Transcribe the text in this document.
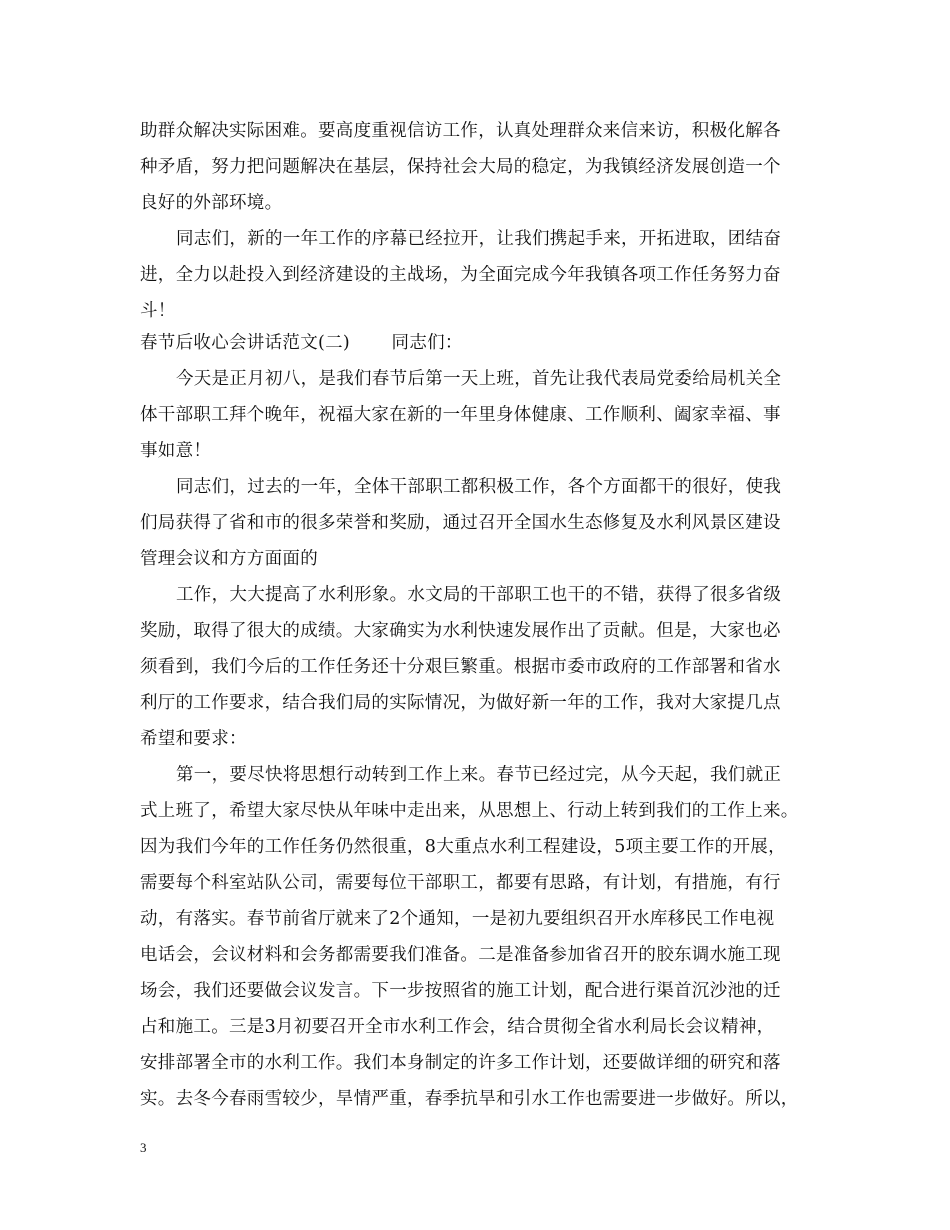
助群众解决实际困难。要高度重视信访工作，认真处理群众来信来访，积极化解各
种矛盾，努力把问题解决在基层，保持社会大局的稳定，为我镇经济发展创造一个
良好的外部环境。
同志们，新的一年工作的序幕已经拉开，让我们携起手来，开拓进取，团结奋
进，全力以赴投入到经济建设的主战场，为全面完成今年我镇各项工作任务努力奋
斗！
春节后收心会讲话范文(二)　　 同志们：
今天是正月初八，是我们春节后第一天上班，首先让我代表局党委给局机关全
体干部职工拜个晚年，祝福大家在新的一年里身体健康、工作顺利、阖家幸福、事
事如意！
同志们，过去的一年，全体干部职工都积极工作，各个方面都干的很好，使我
们局获得了省和市的很多荣誉和奖励，通过召开全国水生态修复及水利风景区建设
管理会议和方方面面的
工作，大大提高了水利形象。水文局的干部职工也干的不错，获得了很多省级
奖励，取得了很大的成绩。大家确实为水利快速发展作出了贡献。但是，大家也必
须看到，我们今后的工作任务还十分艰巨繁重。根据市委市政府的工作部署和省水
利厅的工作要求，结合我们局的实际情况，为做好新一年的工作，我对大家提几点
希望和要求：
第一，要尽快将思想行动转到工作上来。春节已经过完，从今天起，我们就正
式上班了，希望大家尽快从年味中走出来，从思想上、行动上转到我们的工作上来。
因为我们今年的工作任务仍然很重，8大重点水利工程建设，5项主要工作的开展，
需要每个科室站队公司，需要每位干部职工，都要有思路，有计划，有措施，有行
动，有落实。春节前省厅就来了2个通知，一是初九要组织召开水库移民工作电视
电话会，会议材料和会务都需要我们准备。二是准备参加省召开的胶东调水施工现
场会，我们还要做会议发言。下一步按照省的施工计划，配合进行渠首沉沙池的迁
占和施工。三是3月初要召开全市水利工作会，结合贯彻全省水利局长会议精神，
安排部署全市的水利工作。我们本身制定的许多工作计划，还要做详细的研究和落
实。去冬今春雨雪较少，旱情严重，春季抗旱和引水工作也需要进一步做好。所以，
3
